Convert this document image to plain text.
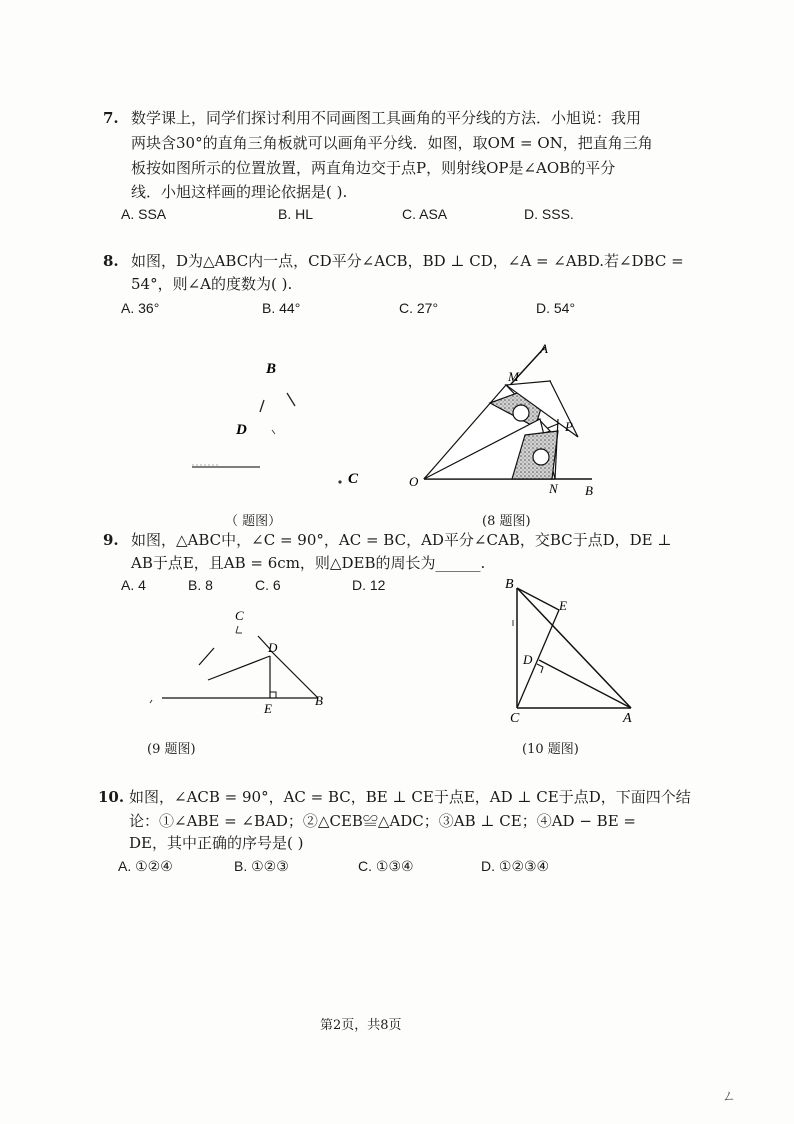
7. 数学课上，同学们探讨利用不同画图工具画角的平分线的方法．小旭说：我用
两块含30°的直角三角板就可以画角平分线．如图，取OM = ON，把直角三角
板按如图所示的位置放置，两直角边交于点P，则射线OP是∠AOB的平分
线．小旭这样画的理论依据是( ).
A. SSA	B. HL	C. ASA	D. SSS.
8. 如图，D为△ABC内一点，CD平分∠ACB，BD ⊥ CD，∠A = ∠ABD.若∠DBC =
54°，则∠A的度数为( ).
A. 36°	B. 44°	C. 27°	D. 54°
B
D
C
（ 题图）
A
M
P
O	N B
(8 题图)
9. 如图，△ABC中，∠C = 90°，AC = BC，AD平分∠CAB，交BC于点D，DE ⊥
AB于点E，且AB = 6cm，则△DEB的周长为______.
A. 4	B. 8	C. 6	D. 12
C
D
E
B
(9 题图)
B
E
D
C	A
(10 题图)
10. 如图，∠ACB = 90°，AC = BC，BE ⊥ CE于点E，AD ⊥ CE于点D，下面四个结
论：①∠ABE = ∠BAD；②△CEB≌△ADC；③AB ⊥ CE；④AD − BE =
DE，其中正确的序号是( )
A. ①②④	B. ①②③	C. ①③④	D. ①②③④
第2页，共8页
ㄥ
